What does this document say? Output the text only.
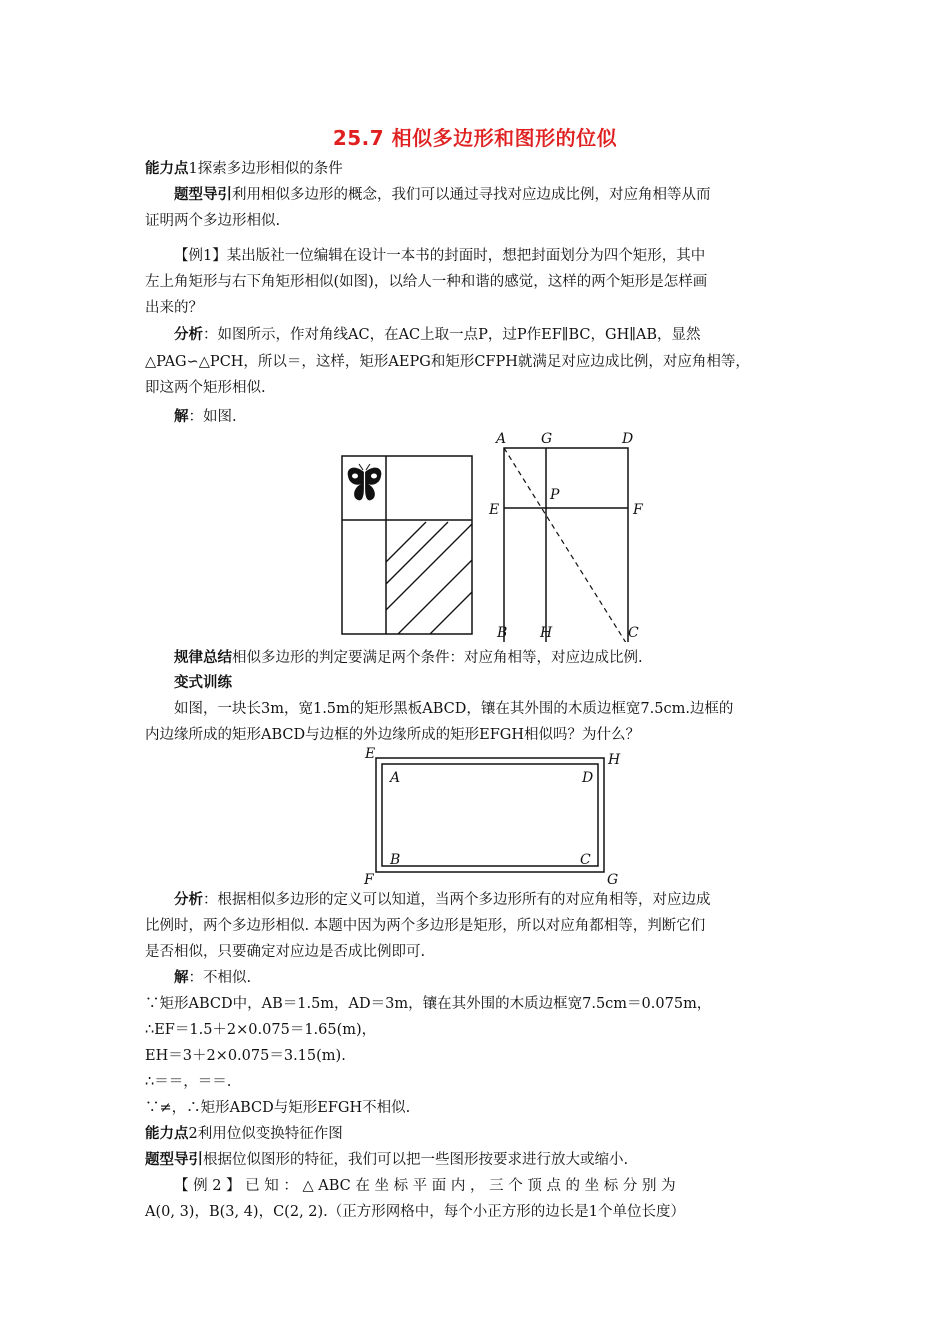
25.7 相似多边形和图形的位似
能力点1探索多边形相似的条件
题型导引利用相似多边形的概念，我们可以通过寻找对应边成比例，对应角相等从而
证明两个多边形相似.
【例1】某出版社一位编辑在设计一本书的封面时，想把封面划分为四个矩形，其中
左上角矩形与右下角矩形相似(如图)，以给人一种和谐的感觉，这样的两个矩形是怎样画
出来的？
分析：如图所示，作对角线AC，在AC上取一点P，过P作EF∥BC，GH∥AB，显然
△PAG∽△PCH，所以＝，这样，矩形AEPG和矩形CFPH就满足对应边成比例，对应角相等，
即这两个矩形相似.
解：如图.
A G	D
E
P
F
B H	C
规律总结相似多边形的判定要满足两个条件：对应角相等，对应边成比例.
变式训练
如图，一块长3m，宽1.5m的矩形黑板ABCD，镶在其外围的木质边框宽7.5cm.边框的
内边缘所成的矩形ABCD与边框的外边缘所成的矩形EFGH相似吗？为什么？
E	H
A	D
B	C
F	G
分析：根据相似多边形的定义可以知道，当两个多边形所有的对应角相等，对应边成
比例时，两个多边形相似. 本题中因为两个多边形是矩形，所以对应角都相等，判断它们
是否相似，只要确定对应边是否成比例即可.
解：不相似.
∵矩形ABCD中，AB＝1.5m，AD＝3m，镶在其外围的木质边框宽7.5cm＝0.075m，
∴EF＝1.5＋2×0.075＝1.65(m)，
EH＝3＋2×0.075＝3.15(m).
∴＝＝，＝＝.
∵≠，∴矩形ABCD与矩形EFGH不相似.
能力点2利用位似变换特征作图
题型导引根据位似图形的特征，我们可以把一些图形按要求进行放大或缩小.
【 例 2 】 已 知 ： △ ABC 在 坐 标 平 面 内 ， 三 个 顶 点 的 坐 标 分 别 为
A(0, 3)，B(3, 4)，C(2, 2).（正方形网格中，每个小正方形的边长是1个单位长度）
